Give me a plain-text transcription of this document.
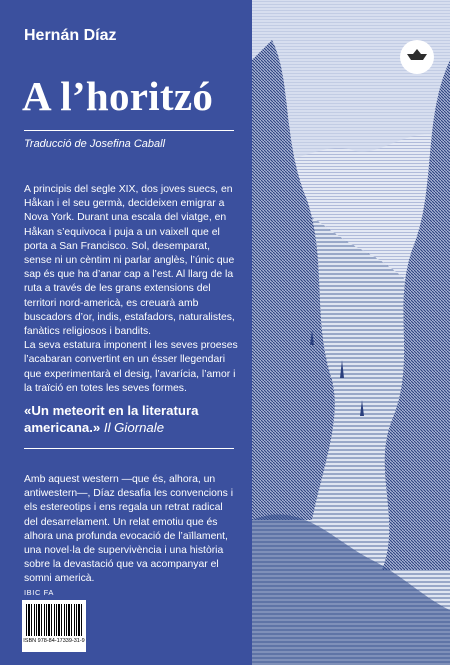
Hernán Díaz
A l’horitzó
Traducció de Josefina Caball

A principis del segle XIX, dos joves suecs, en Håkan i el seu germà, decideixen emigrar a Nova York. Durant una escala del viatge, en Håkan s’equivoca i puja a un vaixell que el porta a San Francisco. Sol, desemparat, sense ni un cèntim ni parlar anglès, l’únic que sap és que ha d’anar cap a l’est. Al llarg de la ruta a través de les grans extensions del territori nord-americà, es creuarà amb buscadors d’or, indis, estafadors, naturalistes, fanàtics religiosos i bandits.

La seva estatura imponent i les seves proeses l’acabaran convertint en un ésser llegendari que experimentarà el desig, l’avarícia, l’amor i la traïció en totes les seves formes.

«Un meteorit en la literatura americana.» Il Giornale

Amb aquest western —que és, alhora, un antiwestern—, Díaz desafia les convencions i els estereotips i ens regala un retrat radical del desarrelament. Un relat emotiu que és alhora una profunda evocació de l’aïllament, una novel·la de supervivència i una història sobre la devastació que va acompanyar el somni americà.

IBIC FA
ISBN 978-84-17339-31-9
